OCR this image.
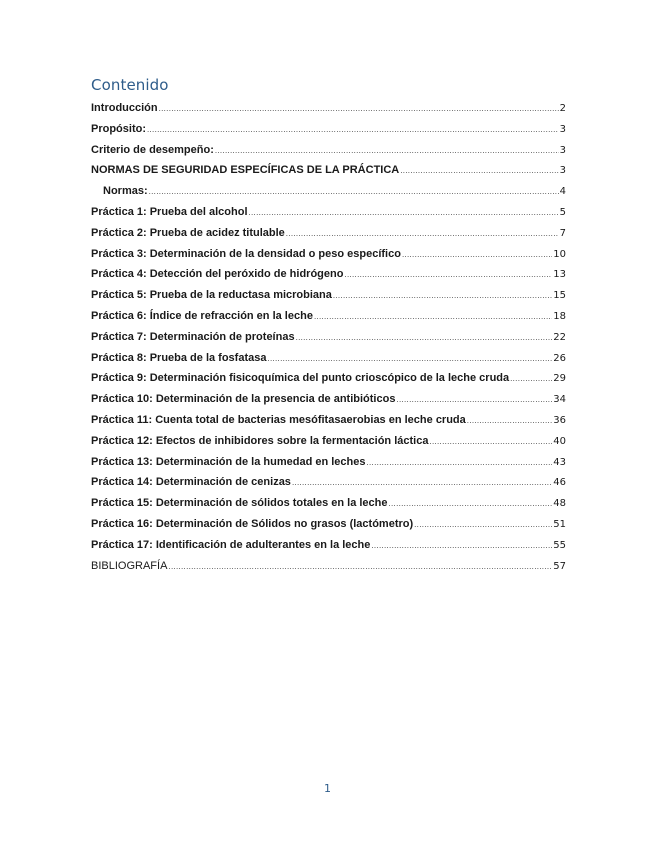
Contenido
Introducción .....	2
Propósito: .....	3
Criterio de desempeño: .....	3
NORMAS DE SEGURIDAD ESPECÍFICAS DE LA PRÁCTICA .....	3
Normas: .....	4
Práctica 1: Prueba del alcohol .....	5
Práctica 2: Prueba de acidez titulable .....	7
Práctica 3: Determinación de la densidad o peso específico .....	10
Práctica 4: Detección del peróxido de hidrógeno .....	13
Práctica 5: Prueba de la reductasa microbiana .....	15
Práctica 6: Índice de refracción en la leche .....	18
Práctica 7: Determinación de proteínas .....	22
Práctica 8: Prueba de la fosfatasa .....	26
Práctica 9: Determinación fisicoquímica del punto crioscópico de la leche cruda .....	29
Práctica 10: Determinación de la presencia de antibióticos .....	34
Práctica 11: Cuenta total de bacterias mesófitasaerobias en leche cruda .....	36
Práctica 12: Efectos de inhibidores sobre la fermentación láctica .....	40
Práctica 13: Determinación de la humedad en leches .....	43
Práctica 14: Determinación de cenizas .....	46
Práctica 15: Determinación de sólidos totales en la leche .....	48
Práctica 16: Determinación de Sólidos no grasos (lactómetro) .....	51
Práctica 17: Identificación de adulterantes en la leche .....	55
BIBLIOGRAFÍA .....	57
1
